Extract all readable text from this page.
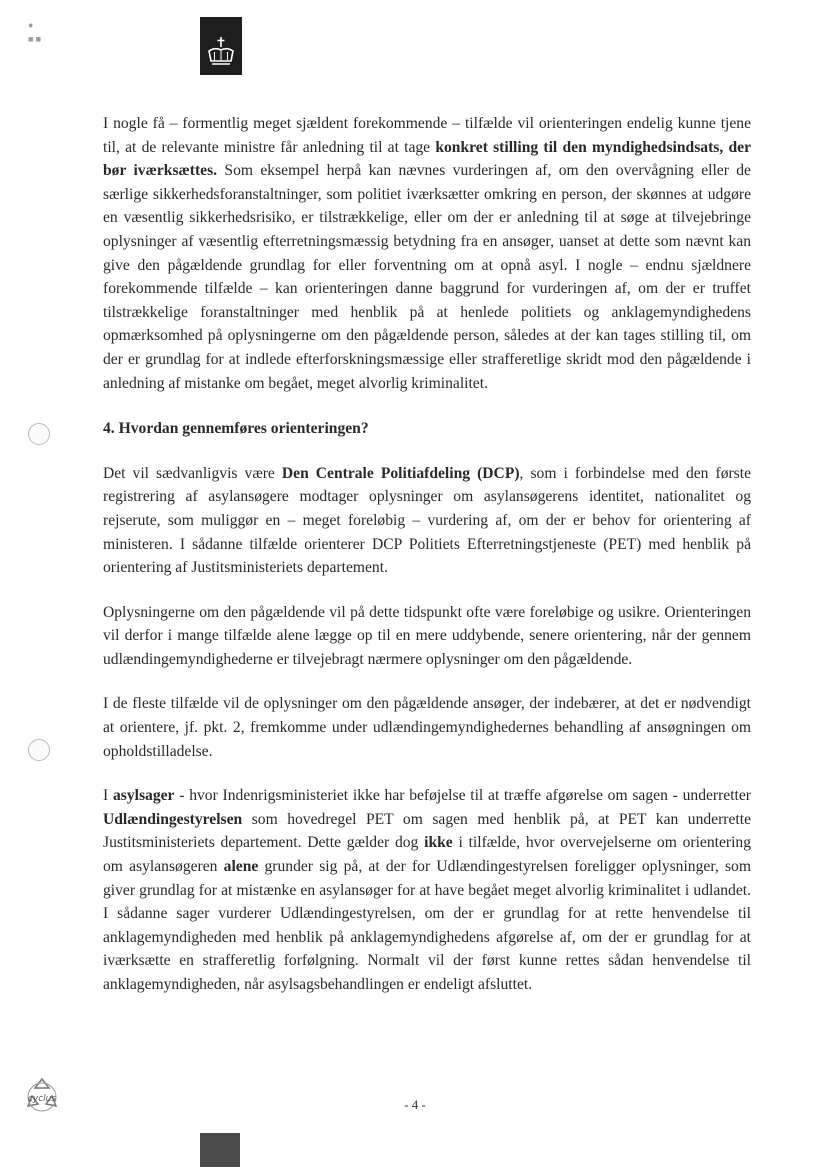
●
■ ■

I nogle få – formentlig meget sjældent forekommende – tilfælde vil orienteringen endelig kunne tjene til, at de relevante ministre får anledning til at tage konkret stilling til den myndighedsindsats, der bør iværksættes. Som eksempel herpå kan nævnes vurderingen af, om den overvågning eller de særlige sikkerhedsforanstaltninger, som politiet iværksætter omkring en person, der skønnes at udgøre en væsentlig sikkerhedsrisiko, er tilstrækkelige, eller om der er anledning til at søge at tilvejebringe oplysninger af væsentlig efterretningsmæssig betydning fra en ansøger, uanset at dette som nævnt kan give den pågældende grundlag for eller forventning om at opnå asyl. I nogle – endnu sjældnere forekommende tilfælde – kan orienteringen danne baggrund for vurderingen af, om der er truffet tilstrækkelige foranstaltninger med henblik på at henlede politiets og anklagemyndighedens opmærksomhed på oplysningerne om den pågældende person, således at der kan tages stilling til, om der er grundlag for at indlede efterforskningsmæssige eller strafferetlige skridt mod den pågældende i anledning af mistanke om begået, meget alvorlig kriminalitet.

4. Hvordan gennemføres orienteringen?

Det vil sædvanligvis være Den Centrale Politiafdeling (DCP), som i forbindelse med den første registrering af asylansøgere modtager oplysninger om asylansøgerens identitet, nationalitet og rejserute, som muliggør en – meget foreløbig – vurdering af, om der er behov for orientering af ministeren. I sådanne tilfælde orienterer DCP Politiets Efterretningstjeneste (PET) med henblik på orientering af Justitsministeriets departement.

Oplysningerne om den pågældende vil på dette tidspunkt ofte være foreløbige og usikre. Orienteringen vil derfor i mange tilfælde alene lægge op til en mere uddybende, senere orientering, når der gennem udlændingemyndighederne er tilvejebragt nærmere oplysninger om den pågældende.

I de fleste tilfælde vil de oplysninger om den pågældende ansøger, der indebærer, at det er nødvendigt at orientere, jf. pkt. 2, fremkomme under udlændingemyndighedernes behandling af ansøgningen om opholdstilladelse.

I asylsager - hvor Indenrigsministeriet ikke har beføjelse til at træffe afgørelse om sagen - underretter Udlændingestyrelsen som hovedregel PET om sagen med henblik på, at PET kan underrette Justitsministeriets departement. Dette gælder dog ikke i tilfælde, hvor overvejelserne om orientering om asylansøgeren alene grunder sig på, at der for Udlændingestyrelsen foreligger oplysninger, som giver grundlag for at mistænke en asylansøger for at have begået meget alvorlig kriminalitet i udlandet. I sådanne sager vurderer Udlændingestyrelsen, om der er grundlag for at rette henvendelse til anklagemyndigheden med henblik på anklagemyndighedens afgørelse af, om der er grundlag for at iværksætte en strafferetlig forfølgning. Normalt vil der først kunne rettes sådan henvendelse til anklagemyndigheden, når asylsagsbehandlingen er endeligt afsluttet.

cyclus	- 4 -
